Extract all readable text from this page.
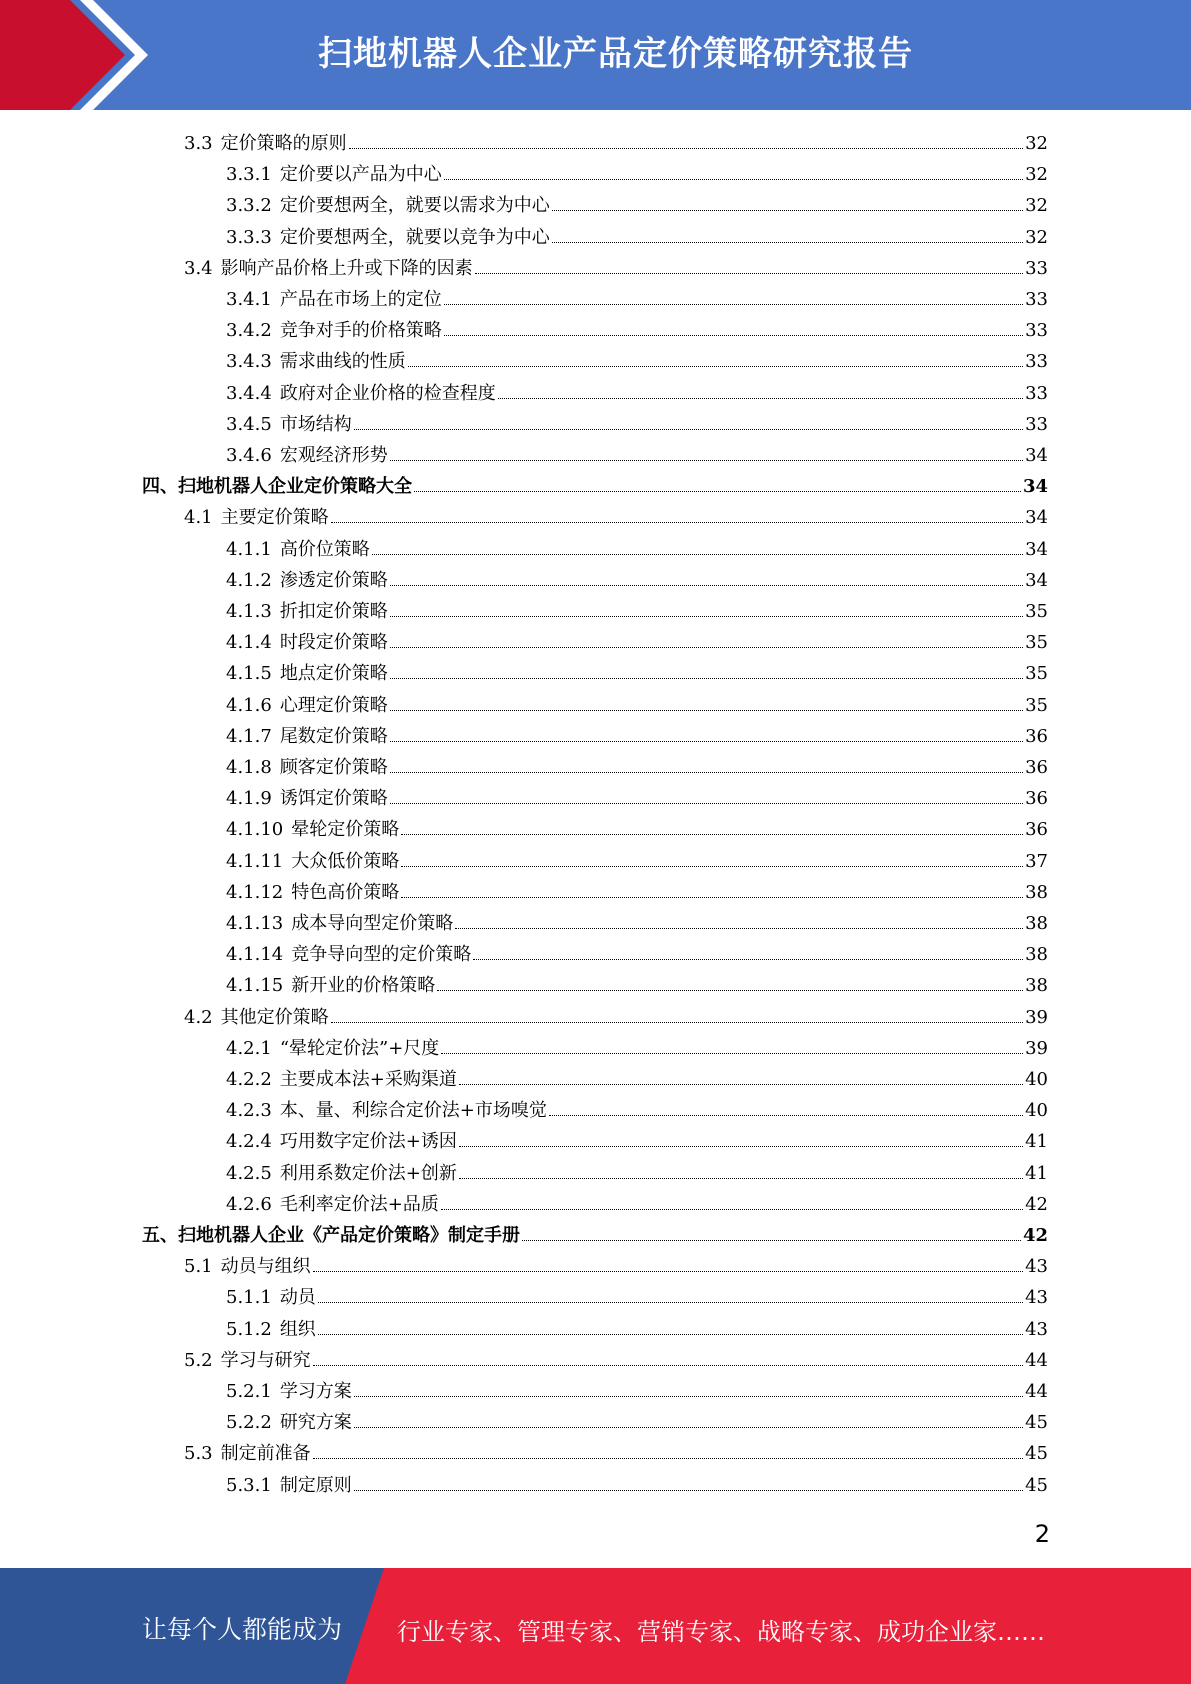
扫地机器人企业产品定价策略研究报告
3.3 定价策略的原则	32
3.3.1 定价要以产品为中心	32
3.3.2 定价要想两全，就要以需求为中心	32
3.3.3 定价要想两全，就要以竞争为中心	32
3.4 影响产品价格上升或下降的因素	33
3.4.1 产品在市场上的定位	33
3.4.2 竞争对手的价格策略	33
3.4.3 需求曲线的性质	33
3.4.4 政府对企业价格的检查程度	33
3.4.5 市场结构	33
3.4.6 宏观经济形势	34
四、扫地机器人企业定价策略大全	34
4.1 主要定价策略	34
4.1.1 高价位策略	34
4.1.2 渗透定价策略	34
4.1.3 折扣定价策略	35
4.1.4 时段定价策略	35
4.1.5 地点定价策略	35
4.1.6 心理定价策略	35
4.1.7 尾数定价策略	36
4.1.8 顾客定价策略	36
4.1.9 诱饵定价策略	36
4.1.10 晕轮定价策略	36
4.1.11 大众低价策略	37
4.1.12 特色高价策略	38
4.1.13 成本导向型定价策略	38
4.1.14 竞争导向型的定价策略	38
4.1.15 新开业的价格策略	38
4.2 其他定价策略	39
4.2.1 “晕轮定价法”+尺度	39
4.2.2 主要成本法+采购渠道	40
4.2.3 本、量、利综合定价法+市场嗅觉	40
4.2.4 巧用数字定价法+诱因	41
4.2.5 利用系数定价法+创新	41
4.2.6 毛利率定价法+品质	42
五、扫地机器人企业《产品定价策略》制定手册	42
5.1 动员与组织	43
5.1.1 动员	43
5.1.2 组织	43
5.2 学习与研究	44
5.2.1 学习方案	44
5.2.2 研究方案	45
5.3 制定前准备	45
5.3.1 制定原则	45
2
让每个人都能成为 行业专家、管理专家、营销专家、战略专家、成功企业家……
